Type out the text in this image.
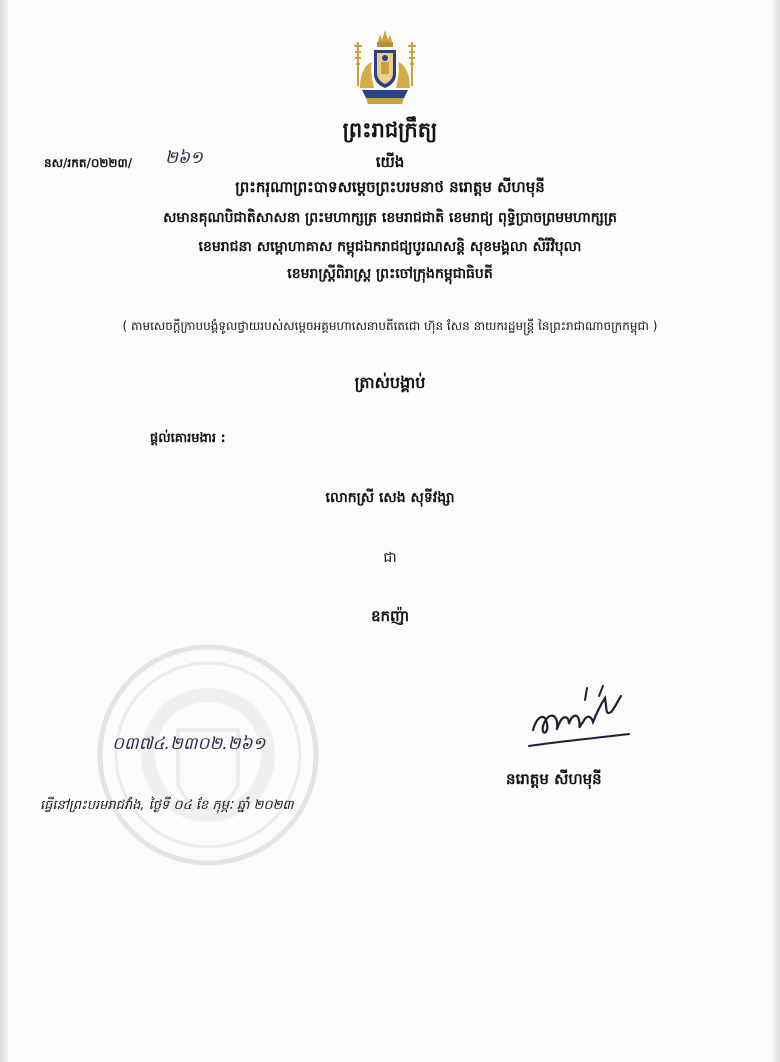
ព្រះរាជក្រឹត្យ
នស/រកត/០២២៣/ ២៦១	យើង
ព្រះករុណាព្រះបាទសម្តេចព្រះបរមនាថ នរោត្តម សីហមុនី
សមានគុណបិជាតិសាសនា ព្រះមហាក្សត្រ ខេមរាជជាតិ ខេមរាជ្យ ពុទ្ធិប្រាចព្រមមហាក្សត្រ
ខេមរាជនា សម្ពោហាគាស កម្ពុជឯករាជជ្យបូរណសន្តិ សុខមង្គលា សិរីវិបុលា
ខេមរាស្ត្រីពិរាស្ត្រ ព្រះចៅក្រុងកម្ពុជាធិបតី
( តាមសេចក្តីក្រាបបង្គំទូលថ្វាយរបស់សម្តេចអគ្គមហាសេនាបតីតេជោ ហ៊ុន សែន នាយករដ្ឋមន្ត្រី នៃព្រះរាជាណាចក្រកម្ពុជា )
ត្រាស់បង្គាប់
ផ្តល់គោរមងារ :
លោកស្រី សេង សុទីវង្សា
ជា
ឧកញ៉ា
០៣៧៤.២៣០២.២៦១
នរោត្តម សីហមុនី
ធ្វើនៅព្រះបរមរាជវាំង, ថ្ងៃទី ០៤ ខែ កុម្ភៈ ឆ្នាំ ២០២៣
